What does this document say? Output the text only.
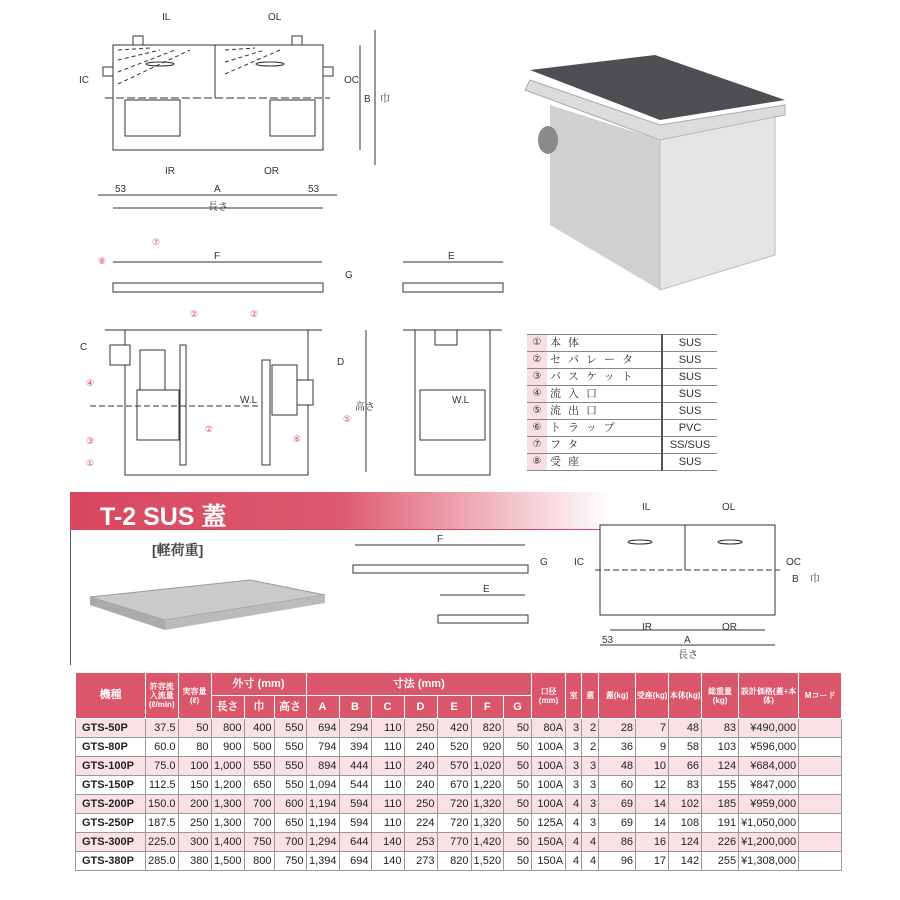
IL	OL
IC	OC
IR	OR
A
長さ
B 巾
53	53
F	E
G
W.L	W.L
C
D
高さ
⑧
⑦
②	②
②
④
③
①
⑤
⑥
①	本体	SUS
②	セパレータ	SUS
③	バスケット	SUS
④	流入口	SUS
⑤	流出口	SUS
⑥	トラップ	PVC
⑦	フタ	SS/SUS
⑧	受座	SUS
T-2 SUS 蓋
[軽荷重]
F
E
G
IL	OL
IC	OC
IR	OR
A
長さ
B 巾
53
機種	許容流入流量(ℓ/min)	実容量(ℓ)	外寸 (mm)			寸法 (mm)							口径(mm)	室	蓋	蓋(kg)	受座(kg)	本体(kg)	総重量(kg)	設計価格(蓋+本体)	Mコード
			長さ	巾	高さ	A	B	C	D	E	F	G									
GTS-50P	37.5	50	800	400	550	694	294	110	250	420	820	50	80A	3	2	28	7	48	83	¥490,000	
GTS-80P	60.0	80	900	500	550	794	394	110	240	520	920	50	100A	3	2	36	9	58	103	¥596,000	
GTS-100P	75.0	100	1,000	550	550	894	444	110	240	570	1,020	50	100A	3	3	48	10	66	124	¥684,000	
GTS-150P	112.5	150	1,200	650	550	1,094	544	110	240	670	1,220	50	100A	3	3	60	12	83	155	¥847,000	
GTS-200P	150.0	200	1,300	700	600	1,194	594	110	250	720	1,320	50	100A	4	3	69	14	102	185	¥959,000	
GTS-250P	187.5	250	1,300	700	650	1,194	594	110	224	720	1,320	50	125A	4	3	69	14	108	191	¥1,050,000	
GTS-300P	225.0	300	1,400	750	700	1,294	644	140	253	770	1,420	50	150A	4	4	86	16	124	226	¥1,200,000	
GTS-380P	285.0	380	1,500	800	750	1,394	694	140	273	820	1,520	50	150A	4	4	96	17	142	255	¥1,308,000	
